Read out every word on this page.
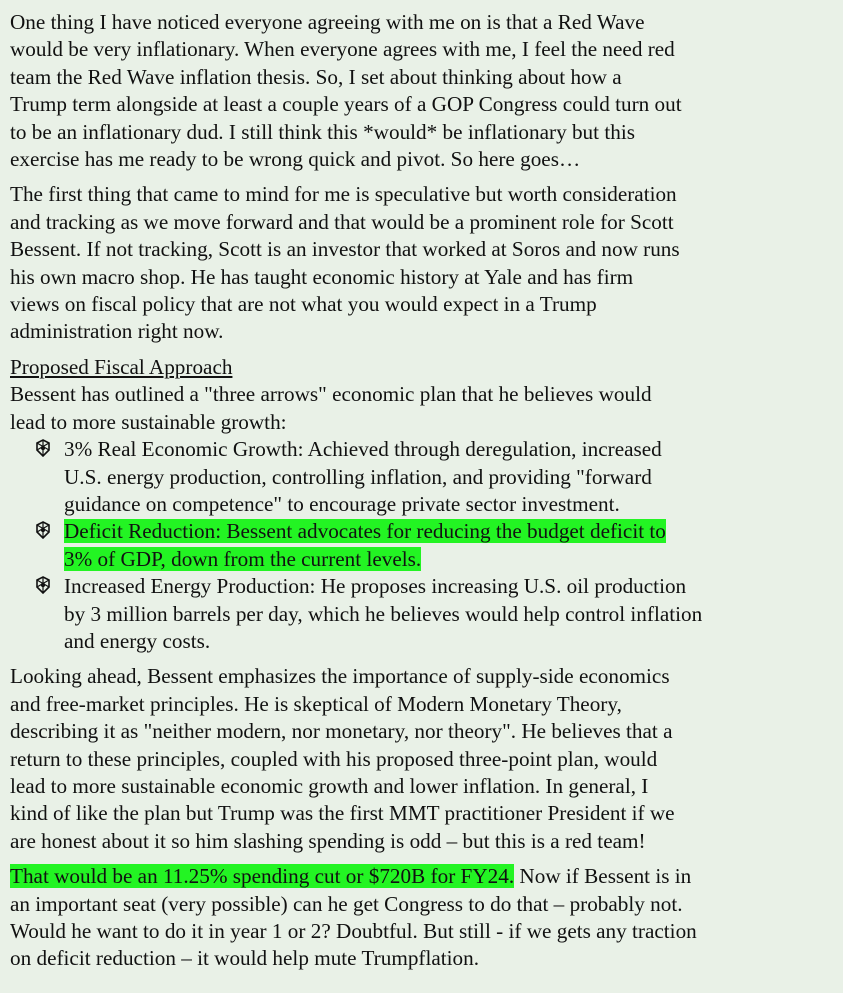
One thing I have noticed everyone agreeing with me on is that a Red Wave
would be very inflationary. When everyone agrees with me, I feel the need red
team the Red Wave inflation thesis. So, I set about thinking about how a
Trump term alongside at least a couple years of a GOP Congress could turn out
to be an inflationary dud. I still think this *would* be inflationary but this
exercise has me ready to be wrong quick and pivot. So here goes…

The first thing that came to mind for me is speculative but worth consideration
and tracking as we move forward and that would be a prominent role for Scott
Bessent. If not tracking, Scott is an investor that worked at Soros and now runs
his own macro shop. He has taught economic history at Yale and has firm
views on fiscal policy that are not what you would expect in a Trump
administration right now.

Proposed Fiscal Approach
Bessent has outlined a "three arrows" economic plan that he believes would
lead to more sustainable growth:

3% Real Economic Growth: Achieved through deregulation, increased
U.S. energy production, controlling inflation, and providing "forward
guidance on competence" to encourage private sector investment.
Deficit Reduction: Bessent advocates for reducing the budget deficit to
3% of GDP, down from the current levels.
Increased Energy Production: He proposes increasing U.S. oil production
by 3 million barrels per day, which he believes would help control inflation
and energy costs.

Looking ahead, Bessent emphasizes the importance of supply-side economics
and free-market principles. He is skeptical of Modern Monetary Theory,
describing it as "neither modern, nor monetary, nor theory". He believes that a
return to these principles, coupled with his proposed three-point plan, would
lead to more sustainable economic growth and lower inflation. In general, I
kind of like the plan but Trump was the first MMT practitioner President if we
are honest about it so him slashing spending is odd – but this is a red team!

That would be an 11.25% spending cut or $720B for FY24. Now if Bessent is in
an important seat (very possible) can he get Congress to do that – probably not.
Would he want to do it in year 1 or 2? Doubtful. But still - if we gets any traction
on deficit reduction – it would help mute Trumpflation.
